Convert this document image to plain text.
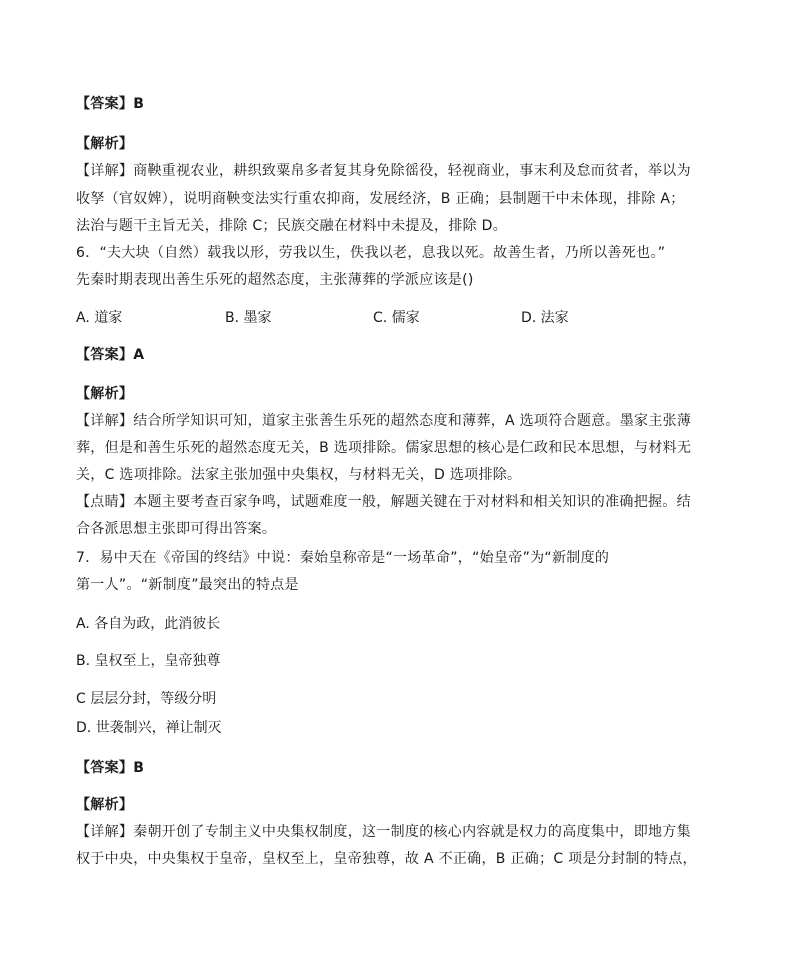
【答案】B
【解析】
【详解】商鞅重视农业，耕织致粟帛多者复其身免除徭役，轻视商业，事末利及怠而贫者，举以为
收孥（官奴婢），说明商鞅变法实行重农抑商，发展经济，B 正确；县制题干中未体现，排除 A；
法治与题干主旨无关，排除 C；民族交融在材料中未提及，排除 D。
6．“夫大块（自然）载我以形，劳我以生，佚我以老，息我以死。故善生者，乃所以善死也。”
先秦时期表现出善生乐死的超然态度，主张薄葬的学派应该是()
A. 道家	B. 墨家	C. 儒家	D. 法家
【答案】A
【解析】
【详解】结合所学知识可知，道家主张善生乐死的超然态度和薄葬，A 选项符合题意。墨家主张薄
葬，但是和善生乐死的超然态度无关，B 选项排除。儒家思想的核心是仁政和民本思想，与材料无
关，C 选项排除。法家主张加强中央集权，与材料无关，D 选项排除。
【点睛】本题主要考查百家争鸣，试题难度一般，解题关键在于对材料和相关知识的准确把握。结
合各派思想主张即可得出答案。
7．易中天在《帝国的终结》中说：秦始皇称帝是“一场革命”，“始皇帝”为“新制度的
第一人”。“新制度”最突出的特点是
A. 各自为政，此消彼长
B. 皇权至上，皇帝独尊
C 层层分封，等级分明
D. 世袭制兴，禅让制灭
【答案】B
【解析】
【详解】秦朝开创了专制主义中央集权制度，这一制度的核心内容就是权力的高度集中，即地方集
权于中央，中央集权于皇帝，皇权至上，皇帝独尊，故 A 不正确，B 正确；C 项是分封制的特点，
